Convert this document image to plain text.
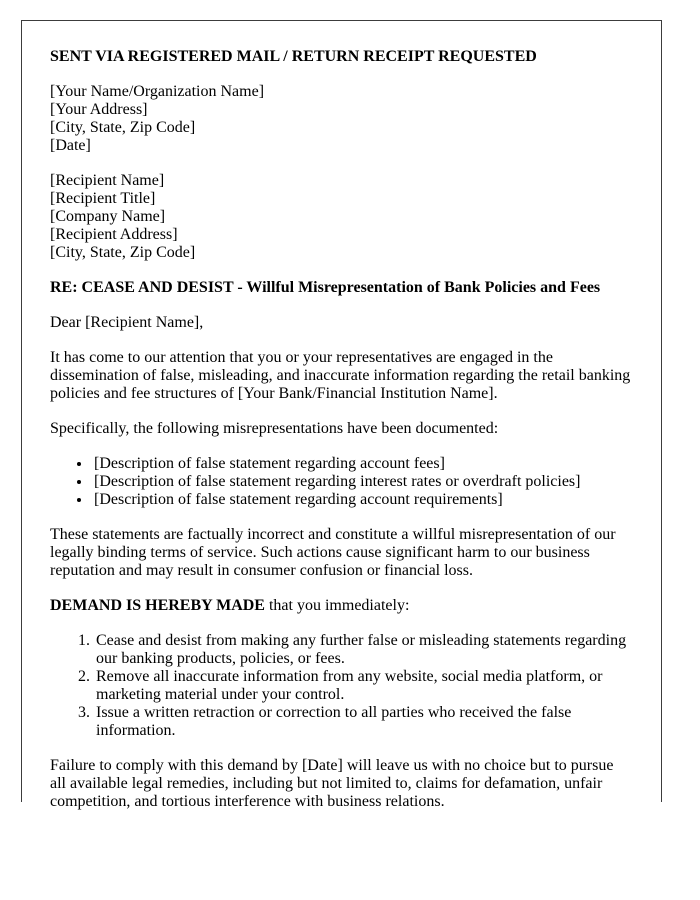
SENT VIA REGISTERED MAIL / RETURN RECEIPT REQUESTED

[Your Name/Organization Name]
[Your Address]
[City, State, Zip Code]
[Date]
[Recipient Name]
[Recipient Title]
[Company Name]
[Recipient Address]
[City, State, Zip Code]

RE: CEASE AND DESIST - Willful Misrepresentation of Bank Policies and Fees

Dear [Recipient Name],

It has come to our attention that you or your representatives are engaged in the dissemination of false, misleading, and inaccurate information regarding the retail banking policies and fee structures of [Your Bank/Financial Institution Name].

Specifically, the following misrepresentations have been documented:

• [Description of false statement regarding account fees]
• [Description of false statement regarding interest rates or overdraft policies]
• [Description of false statement regarding account requirements]

These statements are factually incorrect and constitute a willful misrepresentation of our legally binding terms of service. Such actions cause significant harm to our business reputation and may result in consumer confusion or financial loss.

DEMAND IS HEREBY MADE that you immediately:

1. Cease and desist from making any further false or misleading statements regarding our banking products, policies, or fees.
2. Remove all inaccurate information from any website, social media platform, or marketing material under your control.
3. Issue a written retraction or correction to all parties who received the false information.

Failure to comply with this demand by [Date] will leave us with no choice but to pursue all available legal remedies, including but not limited to, claims for defamation, unfair competition, and tortious interference with business relations.
